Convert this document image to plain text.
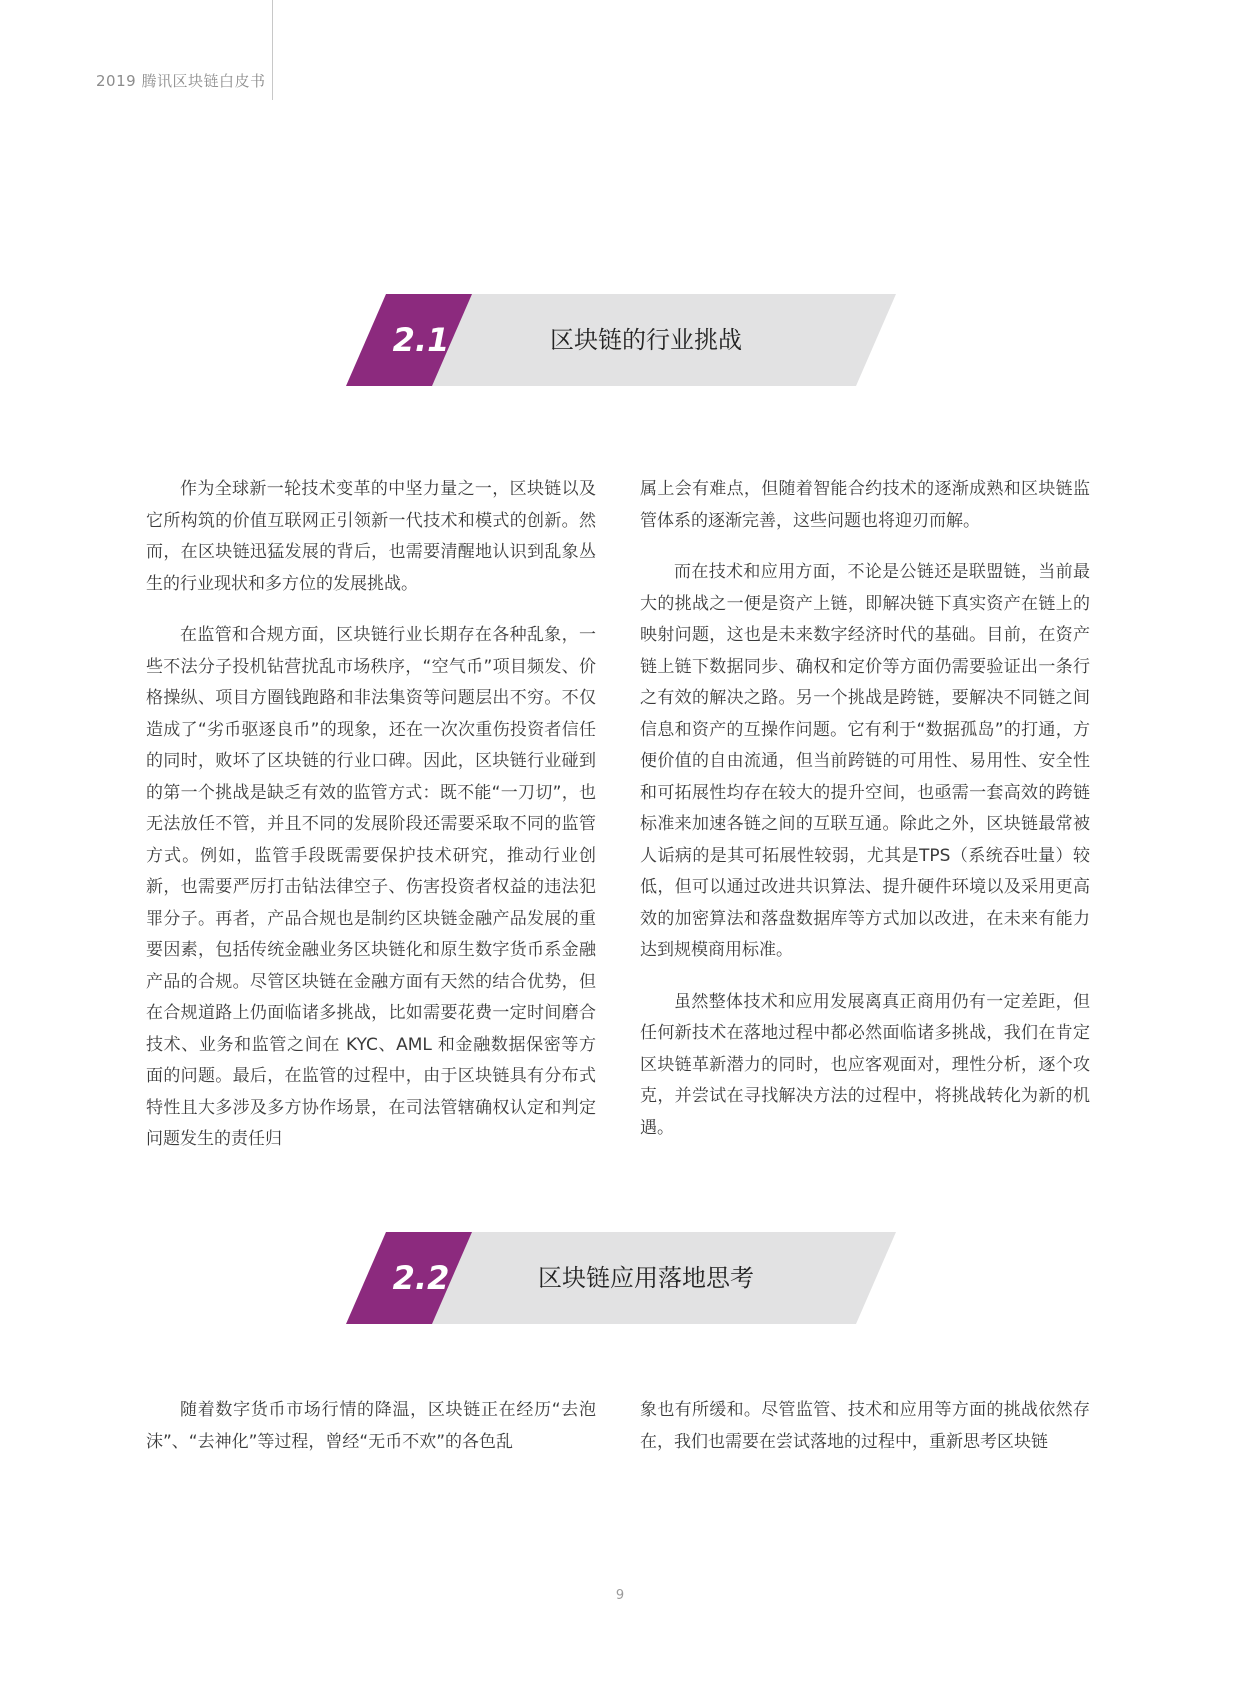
2019 腾讯区块链白皮书
2.1	区块链的行业挑战

作为全球新一轮技术变革的中坚力量之一，区块链以及它所构筑的价值互联网正引领新一代技术和模式的创新。然而，在区块链迅猛发展的背后，也需要清醒地认识到乱象丛生的行业现状和多方位的发展挑战。

在监管和合规方面，区块链行业长期存在各种乱象，一些不法分子投机钻营扰乱市场秩序，“空气币”项目频发、价格操纵、项目方圈钱跑路和非法集资等问题层出不穷。不仅造成了“劣币驱逐良币”的现象，还在一次次重伤投资者信任的同时，败坏了区块链的行业口碑。因此，区块链行业碰到的第一个挑战是缺乏有效的监管方式：既不能“一刀切”，也无法放任不管，并且不同的发展阶段还需要采取不同的监管方式。例如，监管手段既需要保护技术研究，推动行业创新，也需要严厉打击钻法律空子、伤害投资者权益的违法犯罪分子。再者，产品合规也是制约区块链金融产品发展的重要因素，包括传统金融业务区块链化和原生数字货币系金融产品的合规。尽管区块链在金融方面有天然的结合优势，但在合规道路上仍面临诸多挑战，比如需要花费一定时间磨合技术、业务和监管之间在 KYC、AML 和金融数据保密等方面的问题。最后，在监管的过程中，由于区块链具有分布式特性且大多涉及多方协作场景，在司法管辖确权认定和判定问题发生的责任归

属上会有难点，但随着智能合约技术的逐渐成熟和区块链监管体系的逐渐完善，这些问题也将迎刃而解。

而在技术和应用方面，不论是公链还是联盟链，当前最大的挑战之一便是资产上链，即解决链下真实资产在链上的映射问题，这也是未来数字经济时代的基础。目前，在资产链上链下数据同步、确权和定价等方面仍需要验证出一条行之有效的解决之路。另一个挑战是跨链，要解决不同链之间信息和资产的互操作问题。它有利于“数据孤岛”的打通，方便价值的自由流通，但当前跨链的可用性、易用性、安全性和可拓展性均存在较大的提升空间，也亟需一套高效的跨链标准来加速各链之间的互联互通。除此之外，区块链最常被人诟病的是其可拓展性较弱，尤其是TPS（系统吞吐量）较低，但可以通过改进共识算法、提升硬件环境以及采用更高效的加密算法和落盘数据库等方式加以改进，在未来有能力达到规模商用标准。

虽然整体技术和应用发展离真正商用仍有一定差距，但任何新技术在落地过程中都必然面临诸多挑战，我们在肯定区块链革新潜力的同时，也应客观面对，理性分析，逐个攻克，并尝试在寻找解决方法的过程中，将挑战转化为新的机遇。

2.2	区块链应用落地思考

随着数字货币市场行情的降温，区块链正在经历“去泡沫”、“去神化”等过程，曾经“无币不欢”的各色乱

象也有所缓和。尽管监管、技术和应用等方面的挑战依然存在，我们也需要在尝试落地的过程中，重新思考区块链

9
